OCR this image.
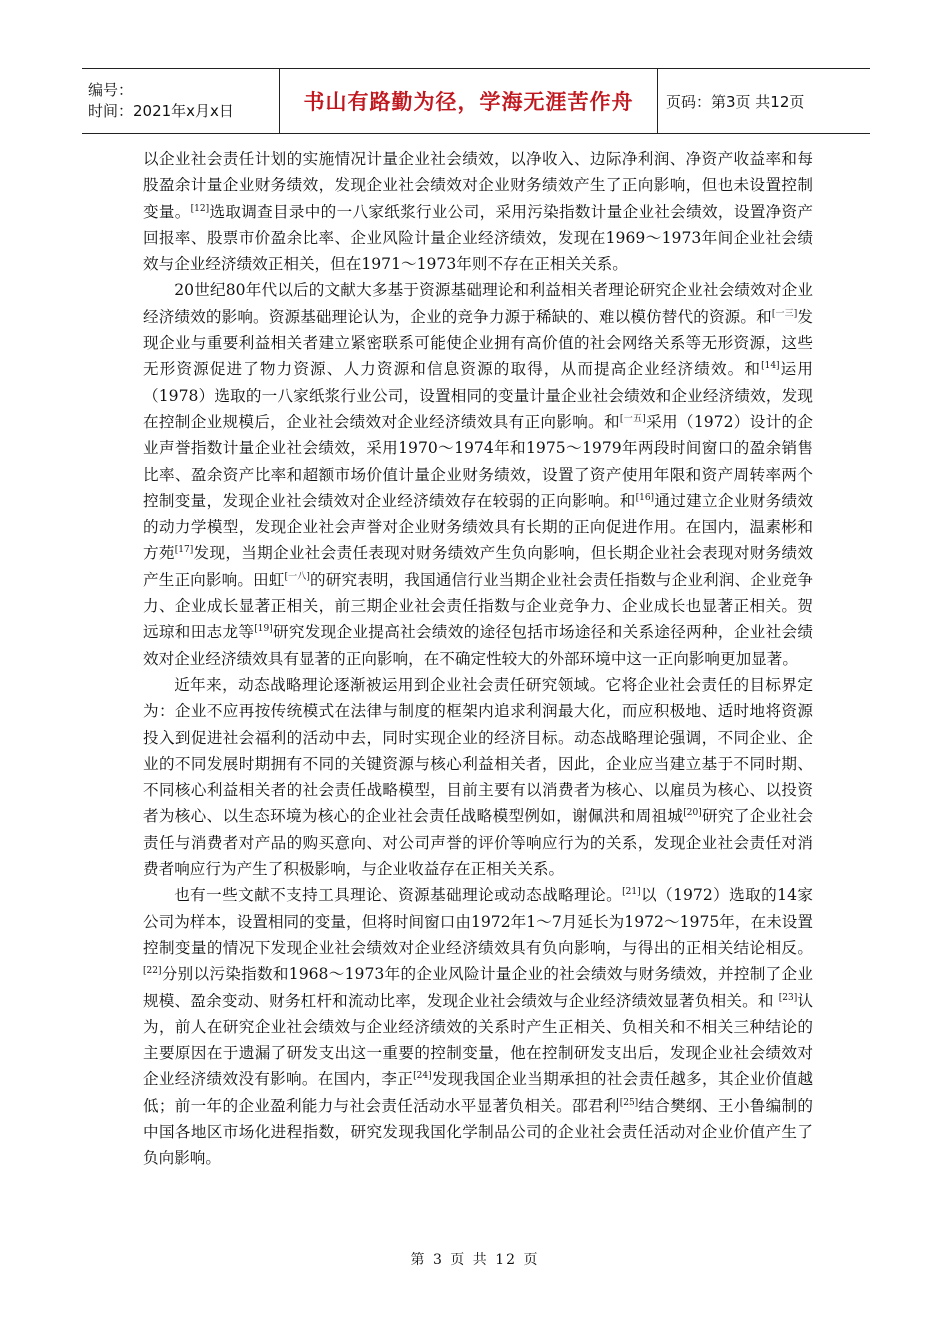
编号：
时间：2021年x月x日	书山有路勤为径，学海无涯苦作舟 页码：第3页 共12页

以企业社会责任计划的实施情况计量企业社会绩效，以净收入、边际净利润、净资产收益率和每股盈余计量企业财务绩效，发现企业社会绩效对企业财务绩效产生了正向影响，但也未设置控制变量。[12]选取调查目录中的一八家纸浆行业公司，采用污染指数计量企业社会绩效，设置净资产回报率、股票市价盈余比率、企业风险计量企业经济绩效，发现在1969～1973年间企业社会绩效与企业经济绩效正相关，但在1971～1973年则不存在正相关关系。

20世纪80年代以后的文献大多基于资源基础理论和利益相关者理论研究企业社会绩效对企业经济绩效的影响。资源基础理论认为，企业的竞争力源于稀缺的、难以模仿替代的资源。和[一三]发现企业与重要利益相关者建立紧密联系可能使企业拥有高价值的社会网络关系等无形资源，这些无形资源促进了物力资源、人力资源和信息资源的取得，从而提高企业经济绩效。和[14]运用（1978）选取的一八家纸浆行业公司，设置相同的变量计量企业社会绩效和企业经济绩效，发现在控制企业规模后，企业社会绩效对企业经济绩效具有正向影响。和[一五]采用（1972）设计的企业声誉指数计量企业社会绩效，采用1970～1974年和1975～1979年两段时间窗口的盈余销售比率、盈余资产比率和超额市场价值计量企业财务绩效，设置了资产使用年限和资产周转率两个控制变量，发现企业社会绩效对企业经济绩效存在较弱的正向影响。和[16]通过建立企业财务绩效的动力学模型，发现企业社会声誉对企业财务绩效具有长期的正向促进作用。在国内，温素彬和方苑[17]发现，当期企业社会责任表现对财务绩效产生负向影响，但长期企业社会表现对财务绩效产生正向影响。田虹[一八]的研究表明，我国通信行业当期企业社会责任指数与企业利润、企业竞争力、企业成长显著正相关，前三期企业社会责任指数与企业竞争力、企业成长也显著正相关。贺远琼和田志龙等[19]研究发现企业提高社会绩效的途径包括市场途径和关系途径两种，企业社会绩效对企业经济绩效具有显著的正向影响，在不确定性较大的外部环境中这一正向影响更加显著。

近年来，动态战略理论逐渐被运用到企业社会责任研究领域。它将企业社会责任的目标界定为：企业不应再按传统模式在法律与制度的框架内追求利润最大化，而应积极地、适时地将资源投入到促进社会福利的活动中去，同时实现企业的经济目标。动态战略理论强调，不同企业、企业的不同发展时期拥有不同的关键资源与核心利益相关者，因此，企业应当建立基于不同时期、不同核心利益相关者的社会责任战略模型，目前主要有以消费者为核心、以雇员为核心、以投资者为核心、以生态环境为核心的企业社会责任战略模型例如，谢佩洪和周祖城[20]研究了企业社会责任与消费者对产品的购买意向、对公司声誉的评价等响应行为的关系，发现企业社会责任对消费者响应行为产生了积极影响，与企业收益存在正相关关系。

也有一些文献不支持工具理论、资源基础理论或动态战略理论。[21]以（1972）选取的14家公司为样本，设置相同的变量，但将时间窗口由1972年1～7月延长为1972～1975年，在未设置控制变量的情况下发现企业社会绩效对企业经济绩效具有负向影响，与得出的正相关结论相反。[22]分别以污染指数和1968～1973年的企业风险计量企业的社会绩效与财务绩效，并控制了企业规模、盈余变动、财务杠杆和流动比率，发现企业社会绩效与企业经济绩效显著负相关。和 [23]认为，前人在研究企业社会绩效与企业经济绩效的关系时产生正相关、负相关和不相关三种结论的主要原因在于遗漏了研发支出这一重要的控制变量，他在控制研发支出后，发现企业社会绩效对企业经济绩效没有影响。在国内，李正[24]发现我国企业当期承担的社会责任越多，其企业价值越低；前一年的企业盈利能力与社会责任活动水平显著负相关。邵君利[25]结合樊纲、王小鲁编制的中国各地区市场化进程指数，研究发现我国化学制品公司的企业社会责任活动对企业价值产生了负向影响。

第 3 页 共 12 页
